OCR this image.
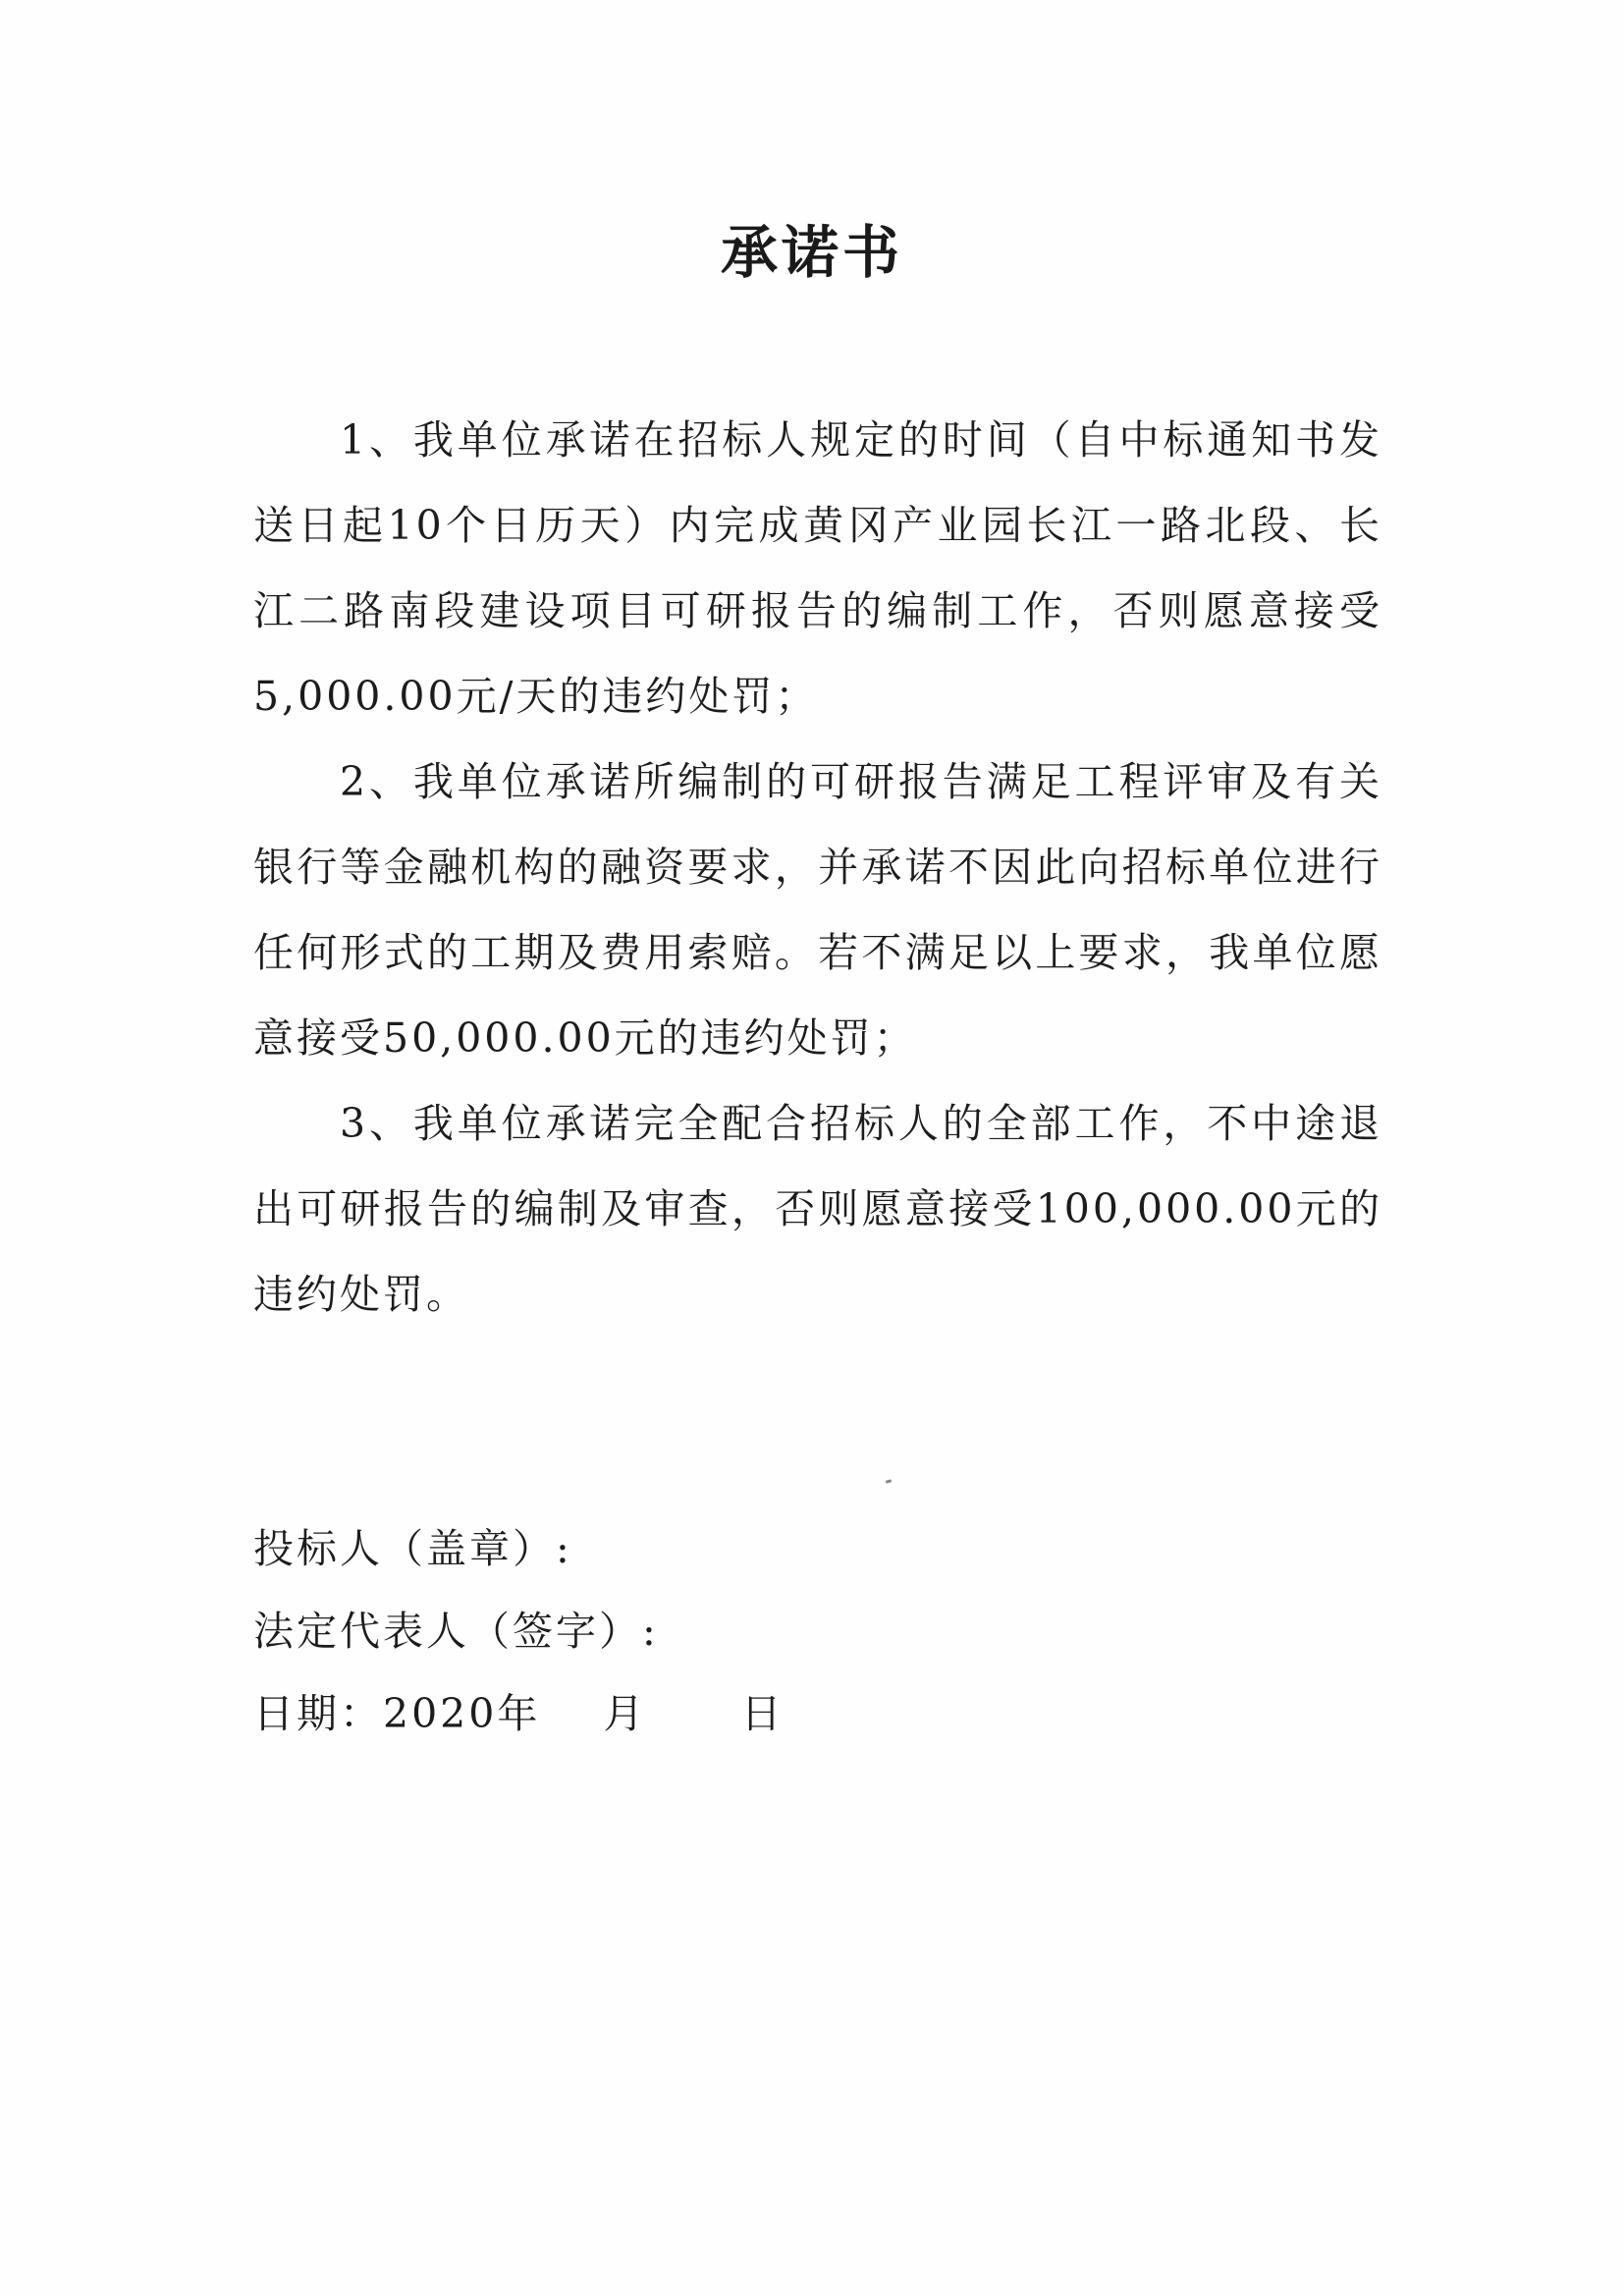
承诺书

1、我单位承诺在招标人规定的时间（自中标通知书发送日起10个日历天）内完成黄冈产业园长江一路北段、长江二路南段建设项目可研报告的编制工作，否则愿意接受5,000.00元/天的违约处罚；

2、我单位承诺所编制的可研报告满足工程评审及有关银行等金融机构的融资要求，并承诺不因此向招标单位进行任何形式的工期及费用索赔。若不满足以上要求，我单位愿意接受50,000.00元的违约处罚；

3、我单位承诺完全配合招标人的全部工作，不中途退出可研报告的编制及审查，否则愿意接受100,000.00元的违约处罚。

投标人（盖章）:

法定代表人（签字）:

日期：2020年    月      日
